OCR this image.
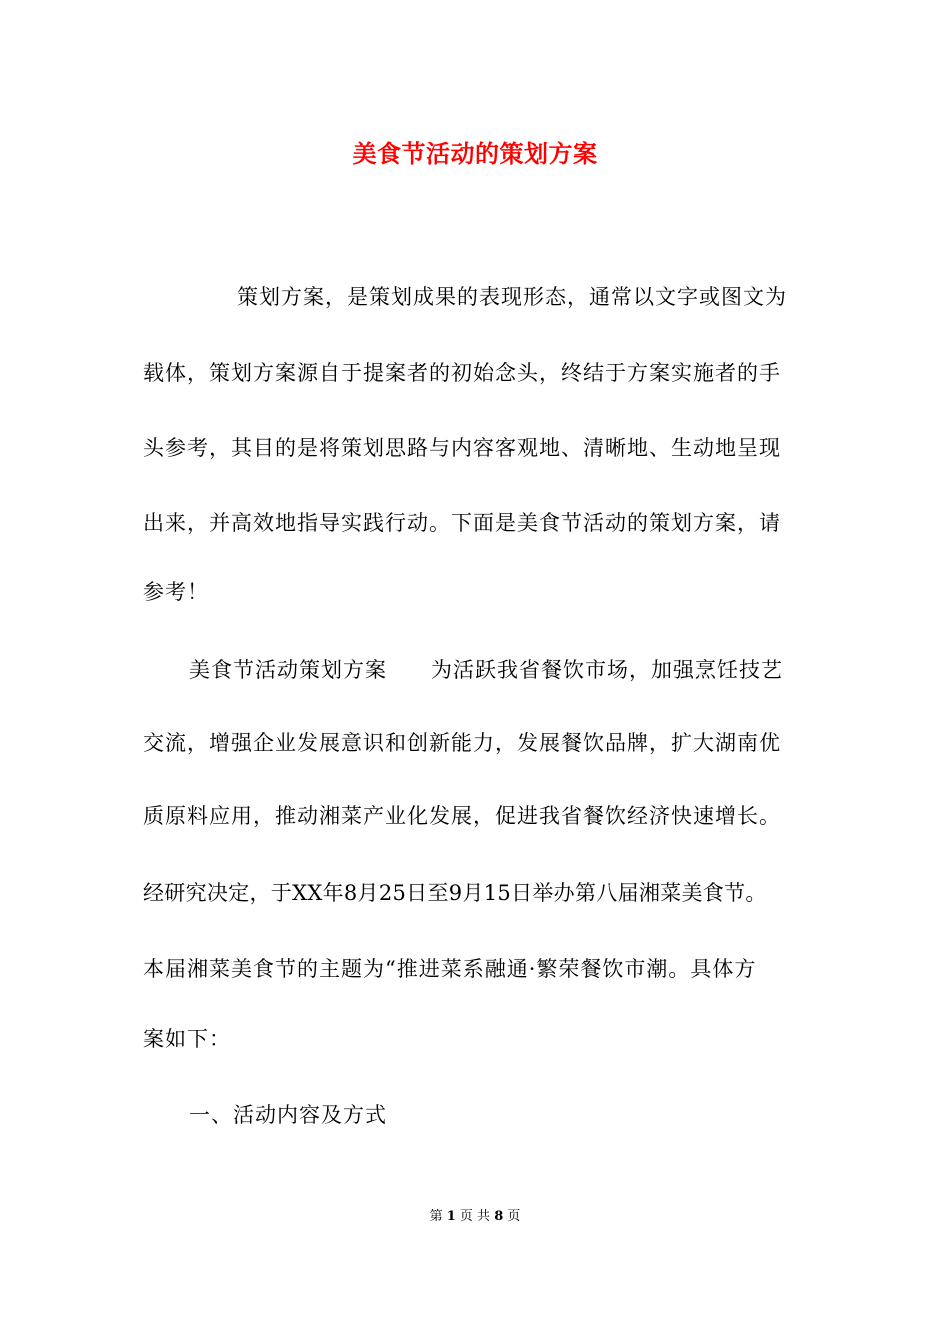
美食节活动的策划方案
策划方案，是策划成果的表现形态，通常以文字或图文为
载体，策划方案源自于提案者的初始念头，终结于方案实施者的手
头参考，其目的是将策划思路与内容客观地、清晰地、生动地呈现
出来，并高效地指导实践行动。下面是美食节活动的策划方案，请
参考！
美食节活动策划方案　　为活跃我省餐饮市场，加强烹饪技艺
交流，增强企业发展意识和创新能力，发展餐饮品牌，扩大湖南优
质原料应用，推动湘菜产业化发展，促进我省餐饮经济快速增长。
经研究决定，于XX年8月25日至9月15日举办第八届湘菜美食节。
本届湘菜美食节的主题为“推进菜系融通·繁荣餐饮市潮。具体方
案如下：
一、活动内容及方式
第 1 页 共 8 页
